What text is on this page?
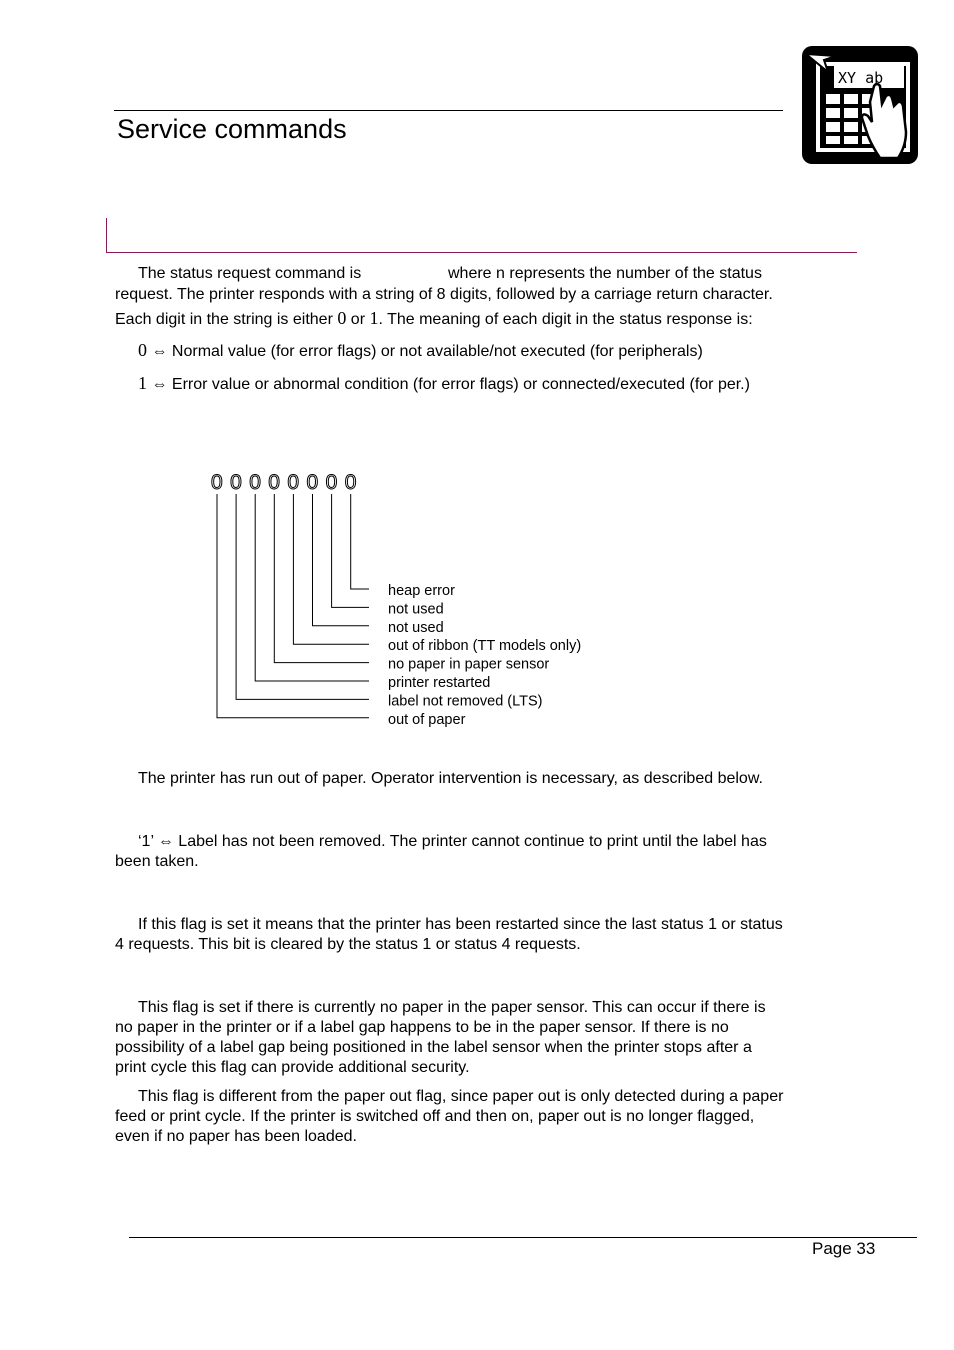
Service commands
XY ab
The status request command is	where n represents the number of the status
request. The printer responds with a string of 8 digits, followed by a carriage return character.
Each digit in the string is either 0 or 1. The meaning of each digit in the status response is:
0 ⇔ Normal value (for error flags) or not available/not executed (for peripherals)
1 ⇔ Error value or abnormal condition (for error flags) or connected/executed (for per.)
0 0 0 0 0 0 0 0
heap error
not used
not used
out of ribbon (TT models only)
no paper in paper sensor
printer restarted
label not removed (LTS)
out of paper
The printer has run out of paper. Operator intervention is necessary, as described below.
‘1’ ⇔ Label has not been removed. The printer cannot continue to print until the label has
been taken.
If this flag is set it means that the printer has been restarted since the last status 1 or status
4 requests. This bit is cleared by the status 1 or status 4 requests.
This flag is set if there is currently no paper in the paper sensor. This can occur if there is
no paper in the printer or if a label gap happens to be in the paper sensor. If there is no
possibility of a label gap being positioned in the label sensor when the printer stops after a
print cycle this flag can provide additional security.
This flag is different from the paper out flag, since paper out is only detected during a paper
feed or print cycle. If the printer is switched off and then on, paper out is no longer flagged,
even if no paper has been loaded.
Page 33
